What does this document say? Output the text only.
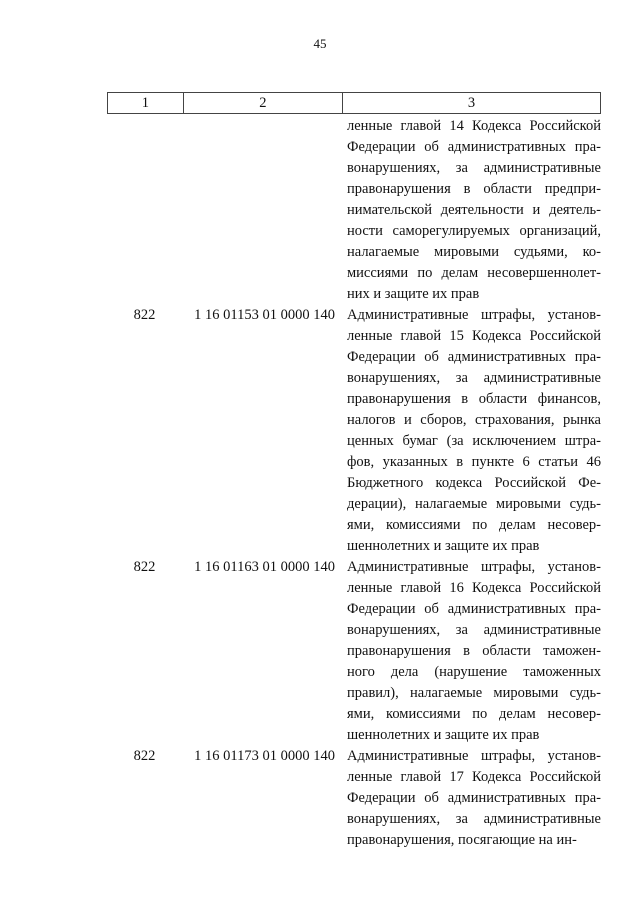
45
1	2	3
ленные главой 14 Кодекса Российской
Федерации об административных пра-
вонарушениях, за административные
правонарушения в области предпри-
нимательской деятельности и деятель-
ности саморегулируемых организаций,
налагаемые мировыми судьями, ко-
миссиями по делам несовершеннолет-
них и защите их прав
822	1 16 01153 01 0000 140 Административные штрафы, установ-
ленные главой 15 Кодекса Российской
Федерации об административных пра-
вонарушениях, за административные
правонарушения в области финансов,
налогов и сборов, страхования, рынка
ценных бумаг (за исключением штра-
фов, указанных в пункте 6 статьи 46
Бюджетного кодекса Российской Фе-
дерации), налагаемые мировыми судь-
ями, комиссиями по делам несовер-
шеннолетних и защите их прав
822	1 16 01163 01 0000 140 Административные штрафы, установ-
ленные главой 16 Кодекса Российской
Федерации об административных пра-
вонарушениях, за административные
правонарушения в области таможен-
ного дела (нарушение таможенных
правил), налагаемые мировыми судь-
ями, комиссиями по делам несовер-
шеннолетних и защите их прав
822	1 16 01173 01 0000 140 Административные штрафы, установ-
ленные главой 17 Кодекса Российской
Федерации об административных пра-
вонарушениях, за административные
правонарушения, посягающие на ин-
